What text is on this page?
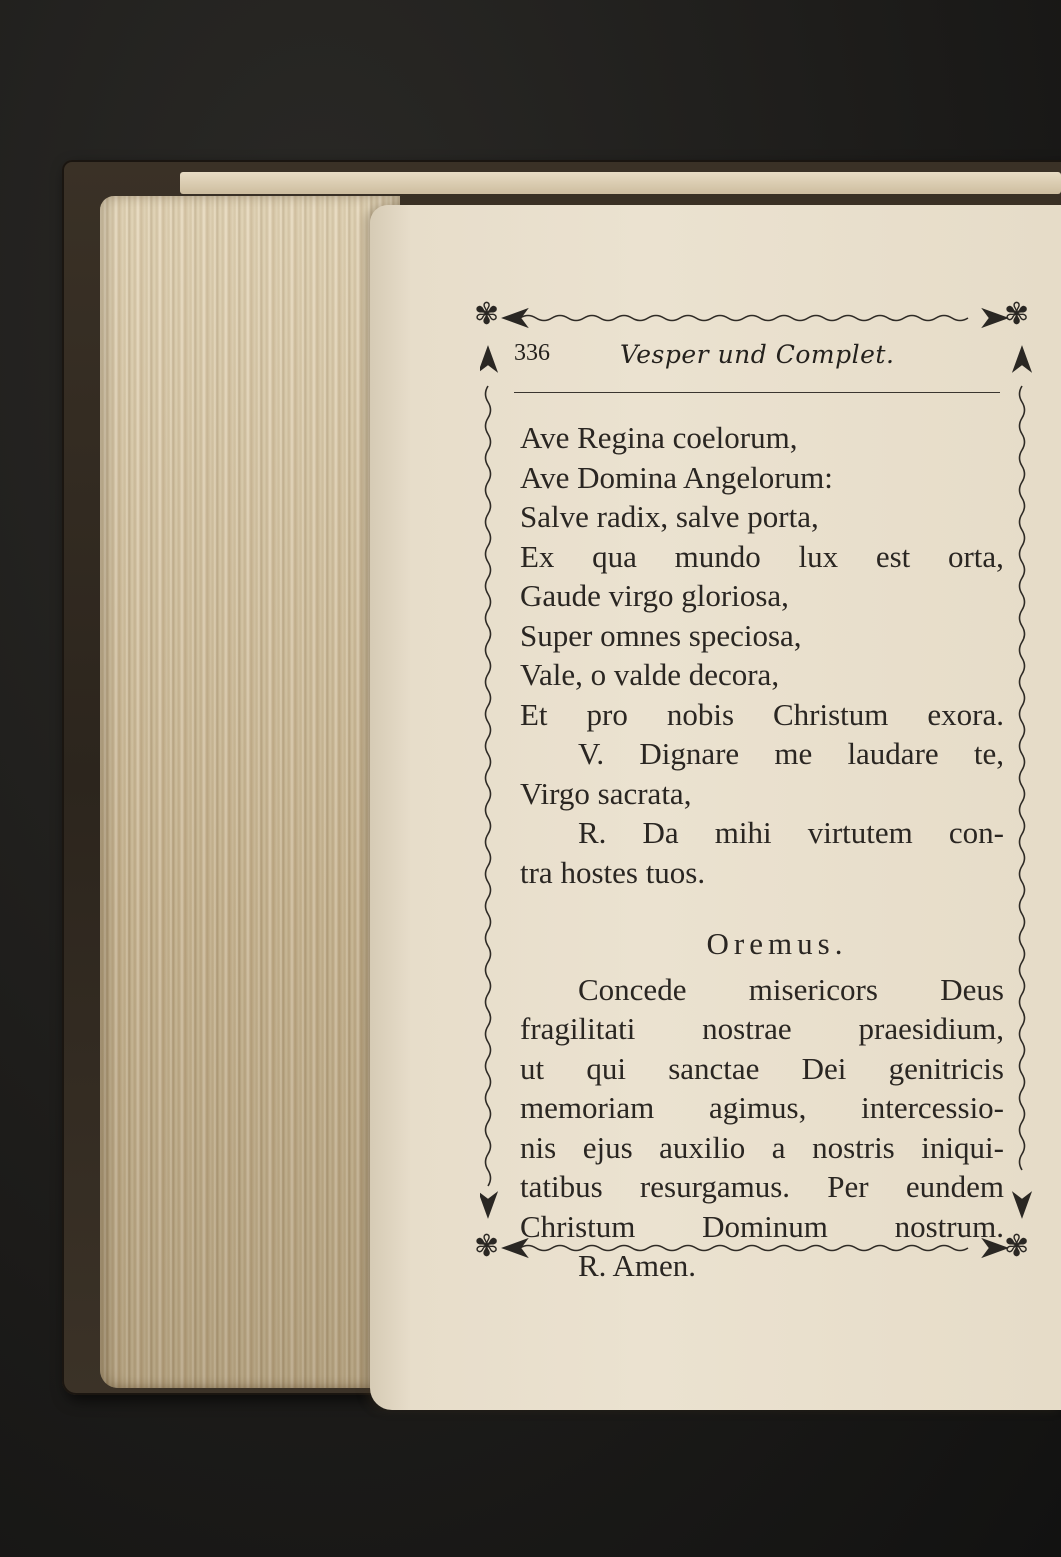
✾	✾
✾	✾
336	Vesper und Complet.
Ave Regina coelorum,
Ave Domina Angelorum:
Salve radix, salve porta,
Ex qua mundo lux est orta,
Gaude virgo gloriosa,
Super omnes speciosa,
Vale, o valde decora,
Et pro nobis Christum exora.
V. Dignare me laudare te,
Virgo sacrata,
R. Da mihi virtutem con-
tra hostes tuos.
Oremus.
Concede misericors Deus
fragilitati nostrae praesidium,
ut qui sanctae Dei genitricis
memoriam agimus, intercessio-
nis ejus auxilio a nostris iniqui-
tatibus resurgamus. Per eundem
Christum Dominum nostrum.
R. Amen.
